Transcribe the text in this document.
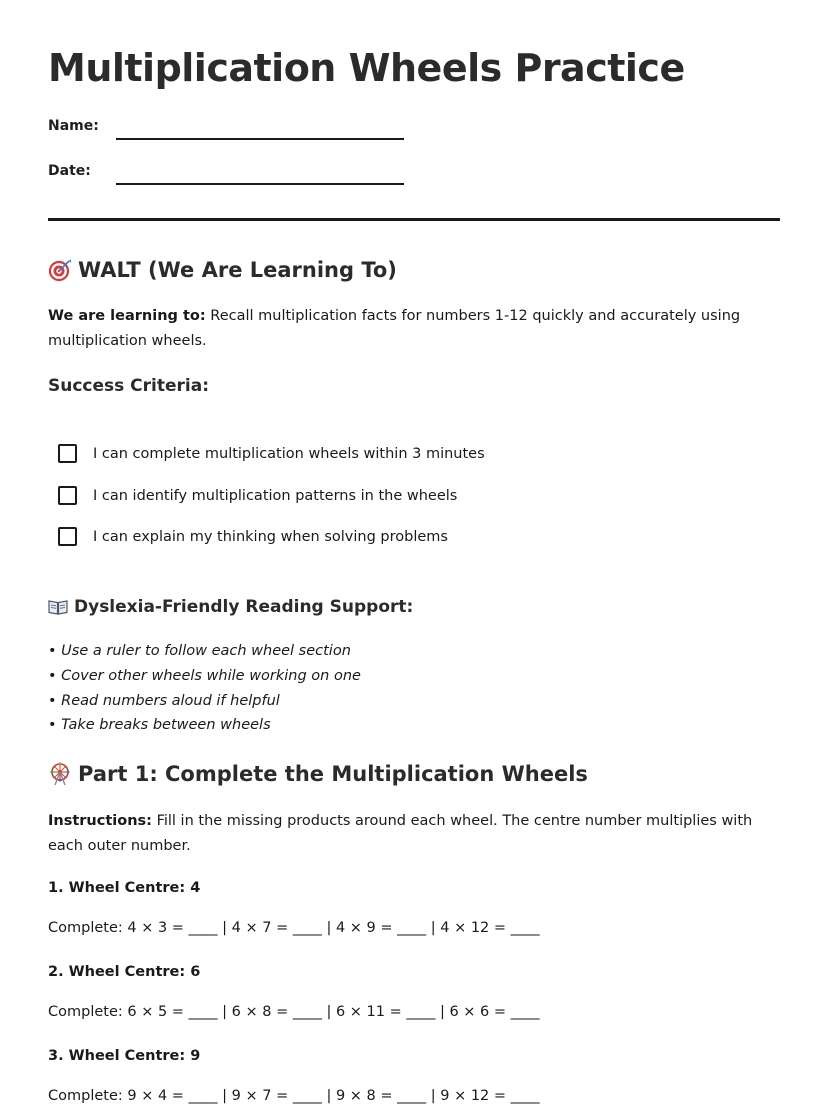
Multiplication Wheels Practice
Name:
Date:
WALT (We Are Learning To)
We are learning to: Recall multiplication facts for numbers 1-12 quickly and accurately using multiplication wheels.
Success Criteria:
I can complete multiplication wheels within 3 minutes
I can identify multiplication patterns in the wheels
I can explain my thinking when solving problems
Dyslexia-Friendly Reading Support:
• Use a ruler to follow each wheel section
• Cover other wheels while working on one
• Read numbers aloud if helpful
• Take breaks between wheels
Part 1: Complete the Multiplication Wheels
Instructions: Fill in the missing products around each wheel. The centre number multiplies with each outer number.
1. Wheel Centre: 4
Complete: 4 × 3 = ____ | 4 × 7 = ____ | 4 × 9 = ____ | 4 × 12 = ____
2. Wheel Centre: 6
Complete: 6 × 5 = ____ | 6 × 8 = ____ | 6 × 11 = ____ | 6 × 6 = ____
3. Wheel Centre: 9
Complete: 9 × 4 = ____ | 9 × 7 = ____ | 9 × 8 = ____ | 9 × 12 = ____
